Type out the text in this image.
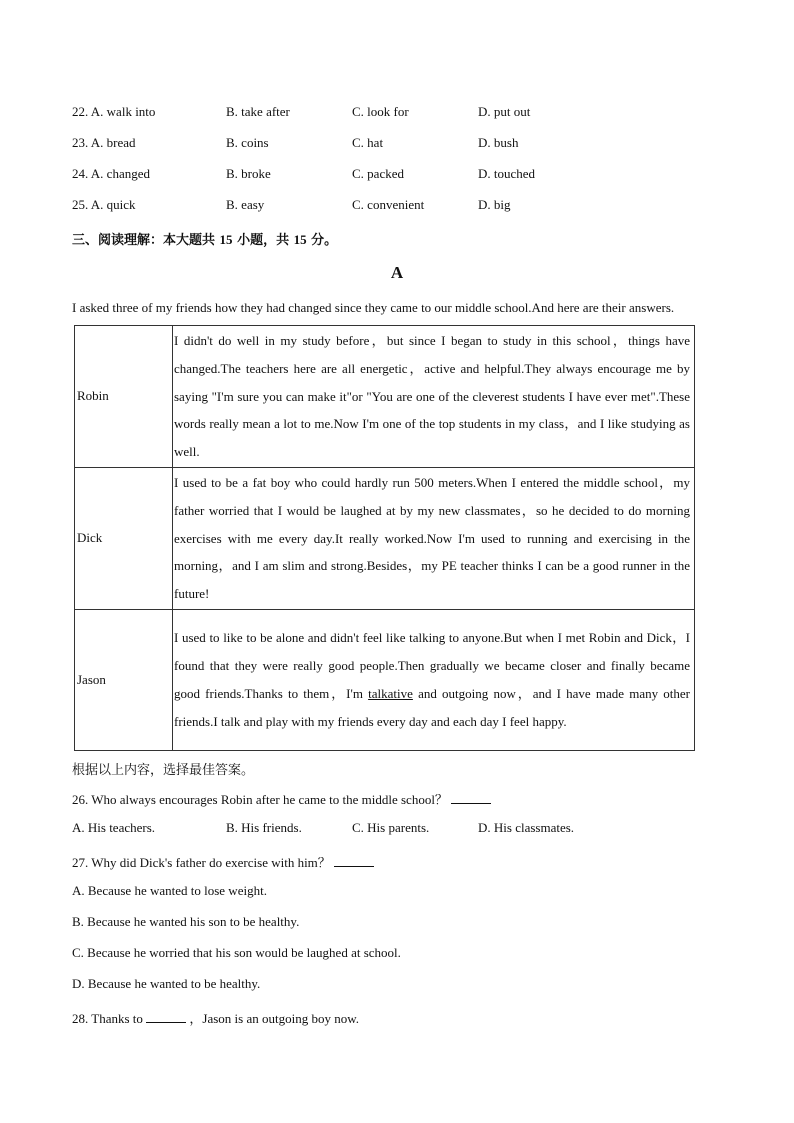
22. A. walk into	B. take after	C. look for	D. put out
23. A. bread	B. coins	C. hat	D. bush
24. A. changed	B. broke	C. packed	D. touched
25. A. quick	B. easy	C. convenient	D. big
三、阅读理解：本大题共 15 小题，共 15 分。
A
I asked three of my friends how they had changed since they came to our middle school.And here are their answers.
Robin	I didn't do well in my study before，but since I began to study in this school，things have changed.The teachers here are all energetic，active and helpful.They always encourage me by saying "I'm sure you can make it"or "You are one of the cleverest students I have ever met".These words really mean a lot to me.Now I'm one of the top students in my class，and I like studying as well.
Dick	I used to be a fat boy who could hardly run 500 meters.When I entered the middle school，my father worried that I would be laughed at by my new classmates，so he decided to do morning exercises with me every day.It really worked.Now I'm used to running and exercising in the morning，and I am slim and strong.Besides，my PE teacher thinks I can be a good runner in the future!
Jason	I used to like to be alone and didn't feel like talking to anyone.But when I met Robin and Dick，I found that they were really good people.Then gradually we became closer and finally became good friends.Thanks to them，I'm talkative and outgoing now，and I have made many other friends.I talk and play with my friends every day and each day I feel happy.
根据以上内容，选择最佳答案。
26. Who always encourages Robin after he came to the middle school？
A. His teachers.	B. His friends.	C. His parents.	D. His classmates.
27. Why did Dick's father do exercise with him？
A. Because he wanted to lose weight.
B. Because he wanted his son to be healthy.
C. Because he worried that his son would be laughed at school.
D. Because he wanted to be healthy.
28. Thanks to	，Jason is an outgoing boy now.
